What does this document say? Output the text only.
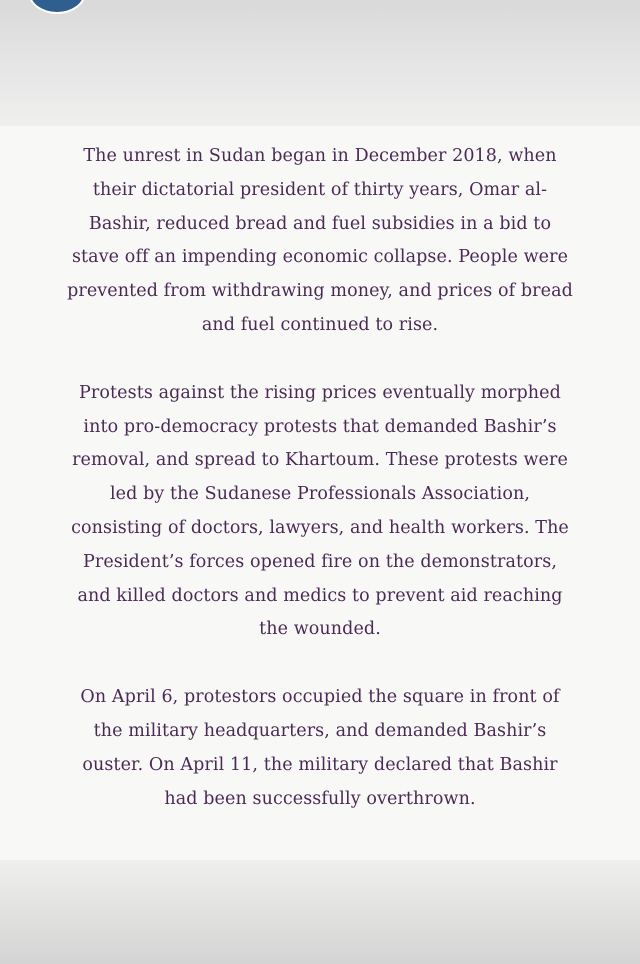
The unrest in Sudan began in December 2018, when
their dictatorial president of thirty years, Omar al-
Bashir, reduced bread and fuel subsidies in a bid to
stave off an impending economic collapse. People were
prevented from withdrawing money, and prices of bread
and fuel continued to rise.

Protests against the rising prices eventually morphed
into pro-democracy protests that demanded Bashir’s
removal, and spread to Khartoum. These protests were
led by the Sudanese Professionals Association,
consisting of doctors, lawyers, and health workers. The
President’s forces opened fire on the demonstrators,
and killed doctors and medics to prevent aid reaching
the wounded.

On April 6, protestors occupied the square in front of
the military headquarters, and demanded Bashir’s
ouster. On April 11, the military declared that Bashir
had been successfully overthrown.
